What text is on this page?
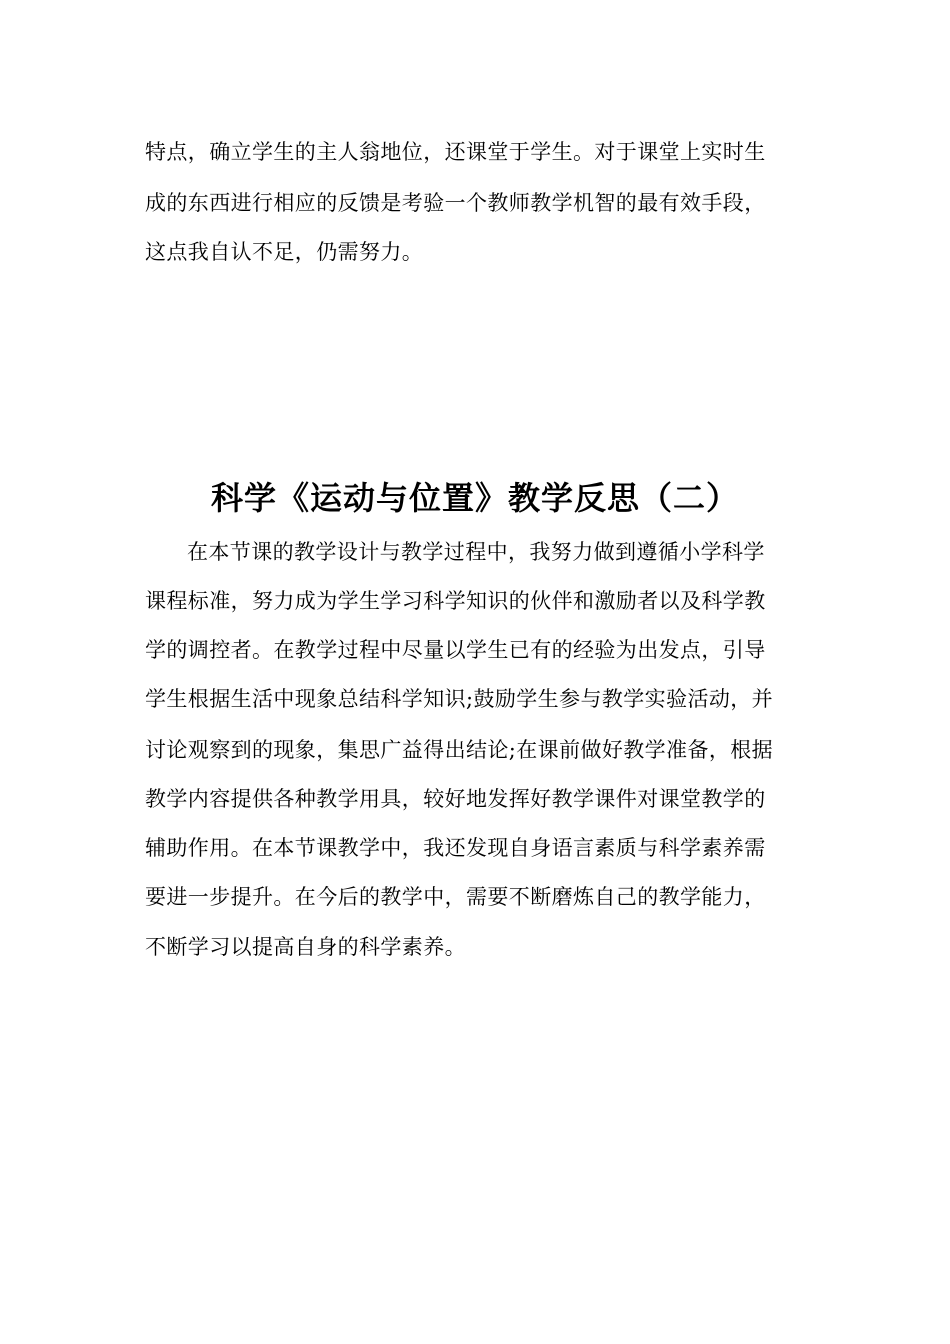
特点，确立学生的主人翁地位，还课堂于学生。对于课堂上实时生
成的东西进行相应的反馈是考验一个教师教学机智的最有效手段，
这点我自认不足，仍需努力。
科学《运动与位置》教学反思（二）
在本节课的教学设计与教学过程中，我努力做到遵循小学科学
课程标准，努力成为学生学习科学知识的伙伴和激励者以及科学教
学的调控者。在教学过程中尽量以学生已有的经验为出发点，引导
学生根据生活中现象总结科学知识;鼓励学生参与教学实验活动，并
讨论观察到的现象，集思广益得出结论;在课前做好教学准备，根据
教学内容提供各种教学用具，较好地发挥好教学课件对课堂教学的
辅助作用。在本节课教学中，我还发现自身语言素质与科学素养需
要进一步提升。在今后的教学中，需要不断磨炼自己的教学能力，
不断学习以提高自身的科学素养。
